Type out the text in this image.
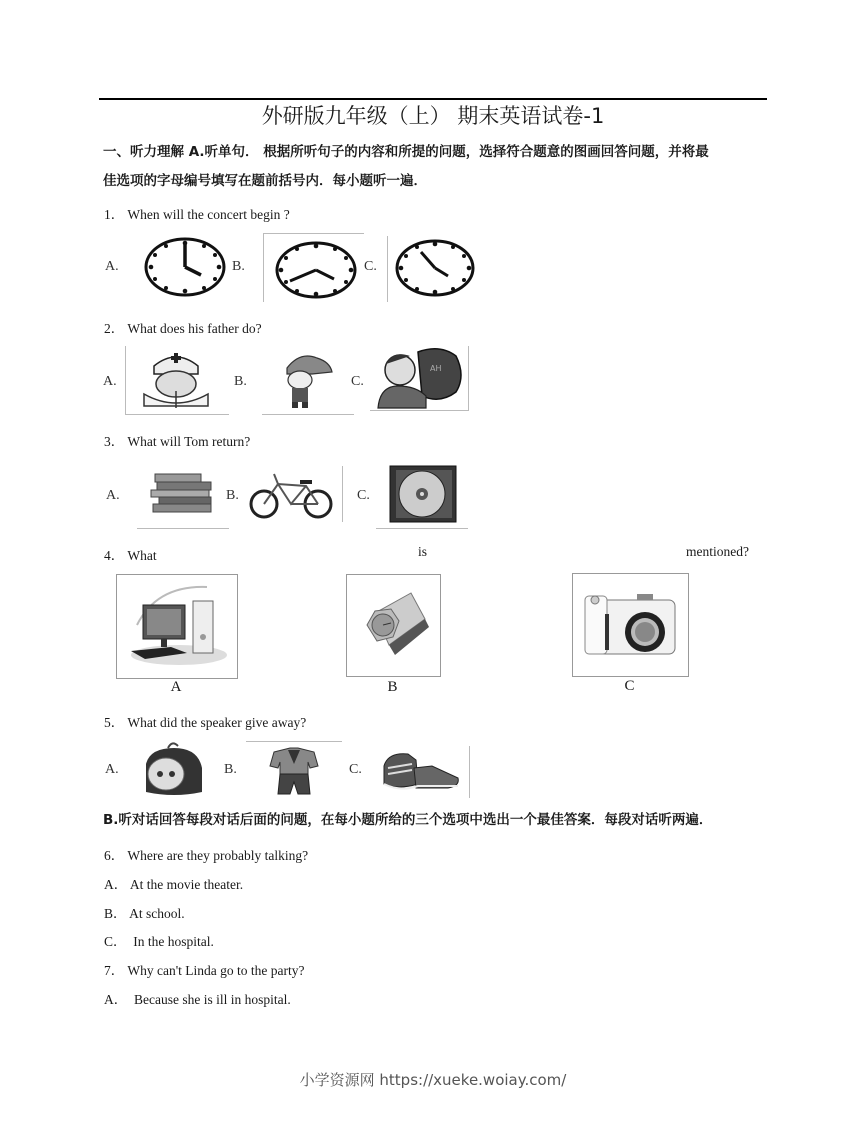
外研版九年级（上） 期末英语试卷-1
一、听力理解 A.听单句． 根据所听句子的内容和所提的问题，选择符合题意的图画回答问题，并将最
佳选项的字母编号填写在题前括号内．每小题听一遍．
1． When will the concert begin ?
A.	B.	C.
2． What does his father do?
A.	B.	C.
AH
3． What will Tom return?
A.	B.	C.
4． What	is	mentioned?
A	B	C
5． What did the speaker give away?
A.	B.	C.
B.听对话回答每段对话后面的问题，在每小题所给的三个选项中选出一个最佳答案．每段对话听两遍．
6． Where are they probably talking?
A． At the movie theater.
B． At school.
C．  In the hospital.
7． Why can't Linda go to the party?
A．  Because she is ill in hospital.
小学资源网 https://xueke.woiay.com/
